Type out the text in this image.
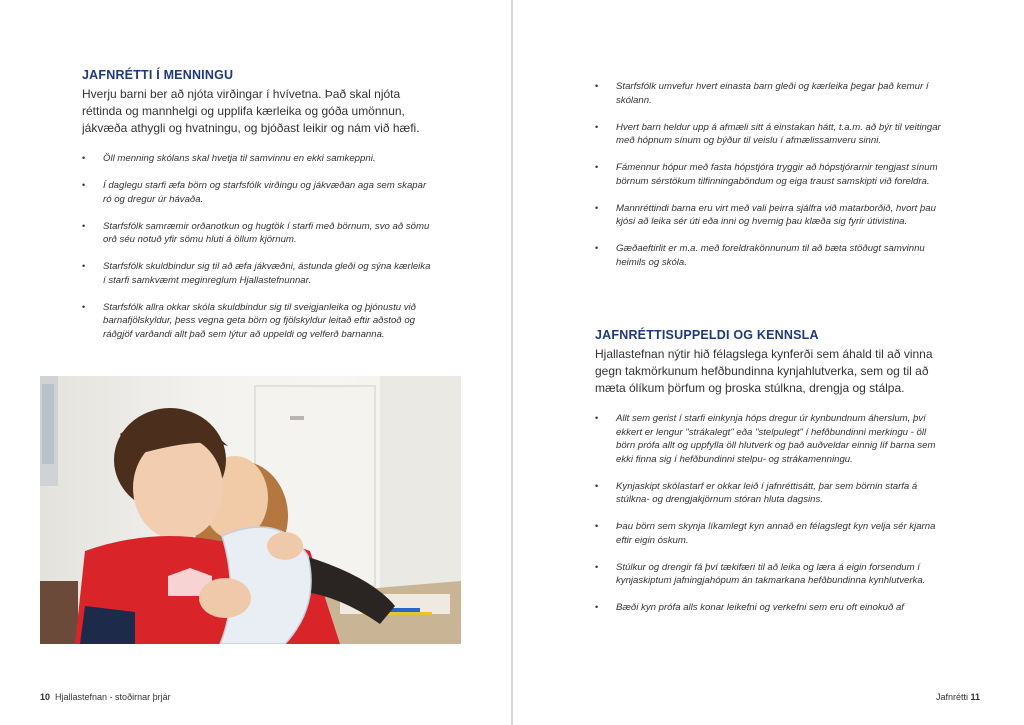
JAFNRÉTTI Í MENNINGU

Hverju barni ber að njóta virðingar í hvívetna. Það skal njóta réttinda og mannhelgi og upplifa kærleika og góða umönnun, jákvæða athygli og hvatningu, og bjóðast leikir og nám við hæfi.

• Öll menning skólans skal hvetja til samvinnu en ekki samkeppni.
• Í daglegu starfi æfa börn og starfsfólk virðingu og jákvæðan aga sem skapar ró og dregur úr hávaða.
• Starfsfólk samræmir orðanotkun og hugtök í starfi með börnum, svo að sömu orð séu notuð yfir sömu hluti á öllum kjörnum.
• Starfsfólk skuldbindur sig til að æfa jákvæðni, ástunda gleði og sýna kærleika í starfi samkvæmt meginreglum Hjallastefnunnar.
• Starfsfólk allra okkar skóla skuldbindur sig til sveigjanleika og þjónustu við barnafjölskyldur, þess vegna geta börn og fjölskyldur leitað eftir aðstoð og ráðgjöf varðandi allt það sem lýtur að uppeldi og velferð barnanna.
10 Hjallastefnan - stoðirnar þrjár
• Starfsfólk umvefur hvert einasta barn gleði og kærleika þegar það kemur í skólann.
• Hvert barn heldur upp á afmæli sitt á einstakan hátt, t.a.m. að býr til veitingar með hópnum sínum og býður til veislu í afmælissamveru sinni.
• Fámennur hópur með fasta hópstjóra tryggir að hópstjórarnir tengjast sínum börnum sérstökum tilfinningaböndum og eiga traust samskipti við foreldra.
• Mannréttindi barna eru virt með vali þeirra sjálfra við matarborðið, hvort þau kjósi að leika sér úti eða inni og hvernig þau klæða sig fyrir útivistina.
• Gæðaeftirlit er m.a. með foreldrakönnunum til að bæta stöðugt samvinnu heimils og skóla.
JAFNRÉTTISUPPELDI OG KENNSLA

Hjallastefnan nýtir hið félagslega kynferði sem áhald til að vinna gegn takmörkunum hefðbundinna kynjahlutverka, sem og til að mæta ólíkum þörfum og þroska stúlkna, drengja og stálpa.

• Allt sem gerist í starfi einkynja hóps dregur úr kynbundnum áherslum, því ekkert er lengur "strákalegt" eða "stelpulegt" í hefðbundinni merkingu - öll börn prófa allt og uppfylla öll hlutverk og það auðveldar einnig líf barna sem ekki finna sig í hefðbundinni stelpu- og strákamenningu.
• Kynjaskipt skólastarf er okkar leið í jafnréttisátt, þar sem börnin starfa á stúlkna- og drengjakjörnum stóran hluta dagsins.
• Þau börn sem skynja líkamlegt kyn annað en félagslegt kyn velja sér kjarna eftir eigin óskum.
• Stúlkur og drengir fá því tækifæri til að leika og læra á eigin forsendum í kynjaskiptum jafningjahópum án takmarkana hefðbundinna kynhlutverka.
• Bæði kyn prófa alls konar leikefni og verkefni sem eru oft einokuð af
Jafnrétti 11
